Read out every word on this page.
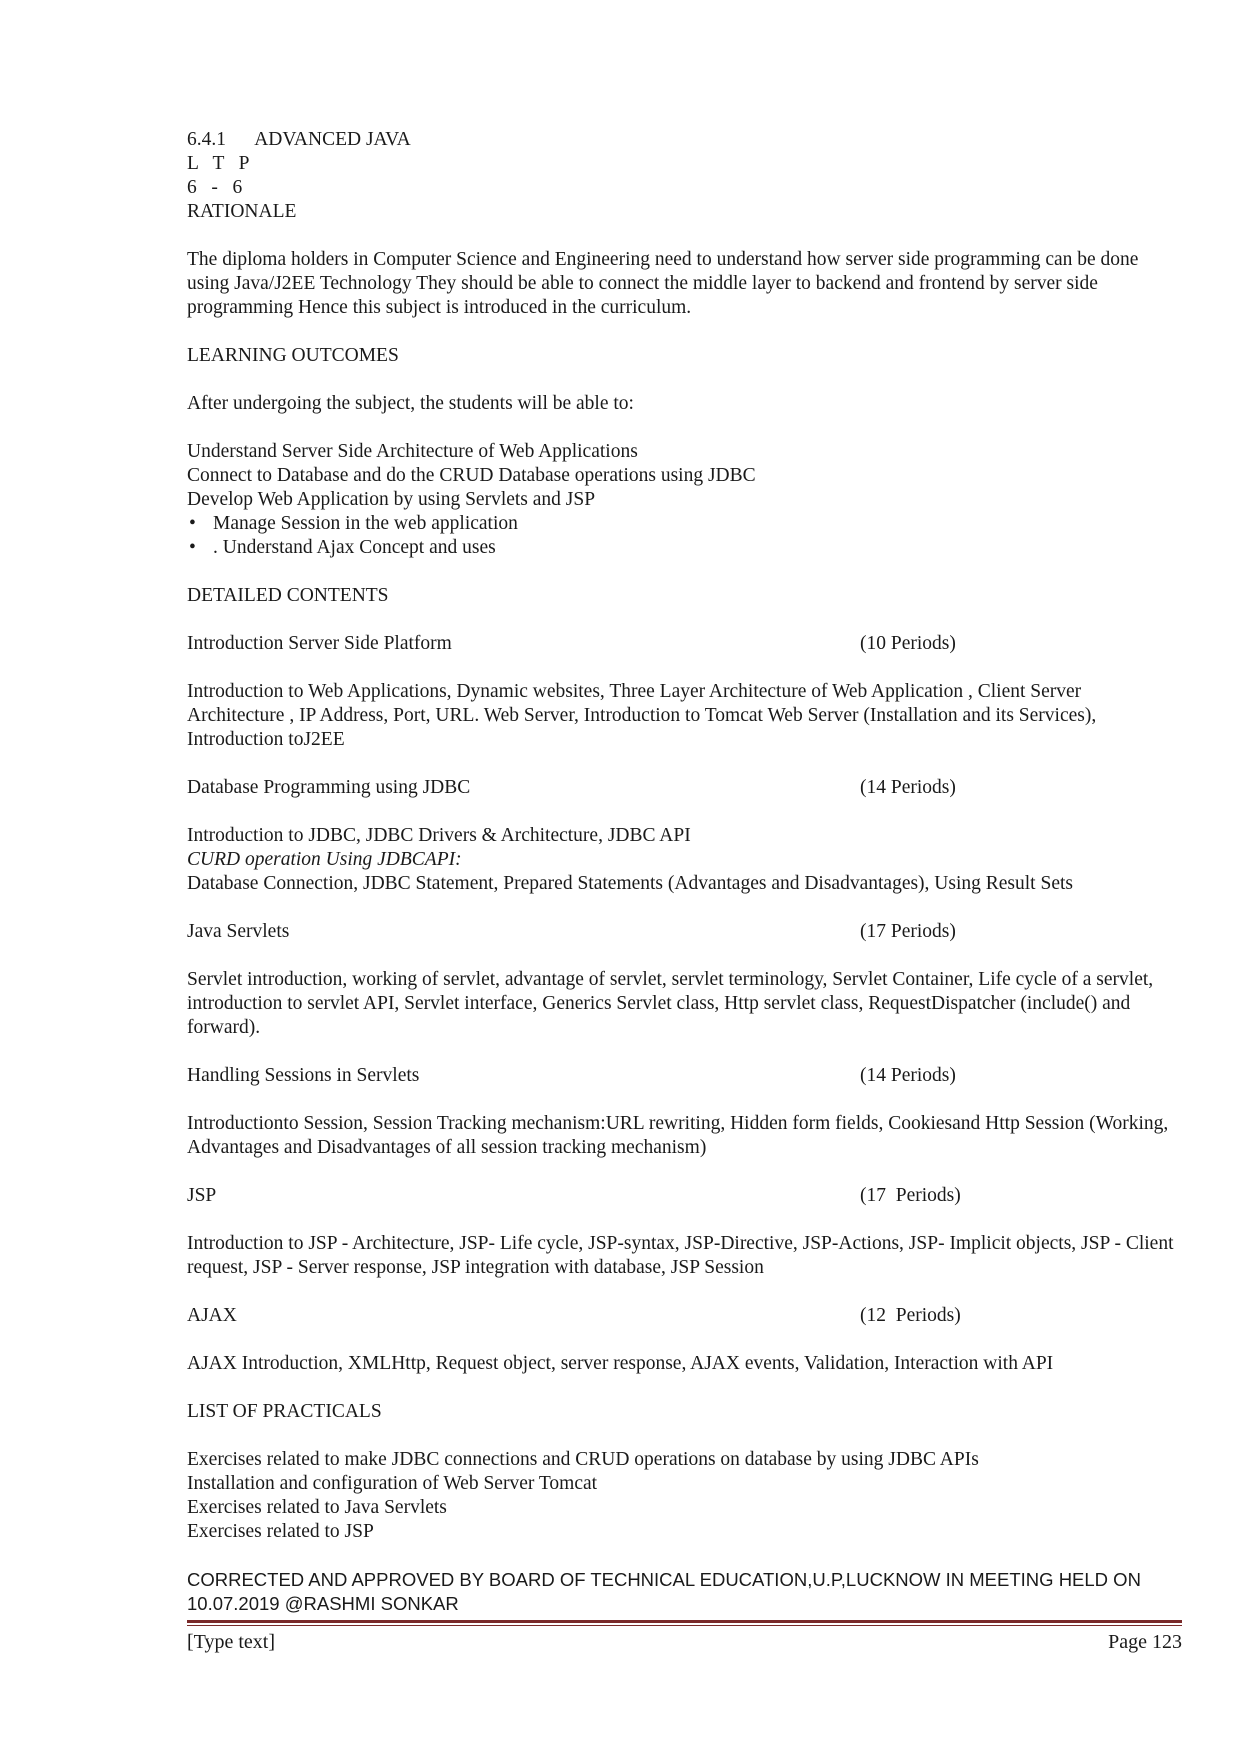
6.4.1 ADVANCED JAVA
L   T   P
6   -   6
RATIONALE
The diploma holders in Computer Science and Engineering need to understand how server side programming can be done using Java/J2EE Technology They should be able to connect the middle layer to backend and frontend by server side programming Hence this subject is introduced in the curriculum.
LEARNING OUTCOMES
After undergoing the subject, the students will be able to:
Understand Server Side Architecture of Web Applications
Connect to Database and do the CRUD Database operations using JDBC
Develop Web Application by using Servlets and JSP
• Manage Session in the web application
• . Understand Ajax Concept and uses
DETAILED CONTENTS
Introduction Server Side Platform	(10 Periods)
Introduction to Web Applications, Dynamic websites, Three Layer Architecture of Web Application , Client Server Architecture , IP Address, Port, URL. Web Server, Introduction to Tomcat Web Server (Installation and its Services), Introduction toJ2EE
Database Programming using JDBC	(14 Periods)
Introduction to JDBC, JDBC Drivers & Architecture, JDBC API
CURD operation Using JDBCAPI:
Database Connection, JDBC Statement, Prepared Statements (Advantages and Disadvantages), Using Result Sets
Java Servlets	(17 Periods)
Servlet introduction, working of servlet, advantage of servlet, servlet terminology, Servlet Container, Life cycle of a servlet, introduction to servlet API, Servlet interface, Generics Servlet class, Http servlet class, RequestDispatcher (include() and forward).
Handling Sessions in Servlets	(14 Periods)
Introductionto Session, Session Tracking mechanism:URL rewriting, Hidden form fields, Cookiesand Http Session (Working, Advantages and Disadvantages of all session tracking mechanism)
JSP	(17  Periods)
Introduction to JSP - Architecture, JSP- Life cycle, JSP-syntax, JSP-Directive, JSP-Actions, JSP- Implicit objects, JSP - Client request, JSP - Server response, JSP integration with database, JSP Session
AJAX	(12  Periods)
AJAX Introduction, XMLHttp, Request object, server response, AJAX events, Validation, Interaction with API
LIST OF PRACTICALS
Exercises related to make JDBC connections and CRUD operations on database by using JDBC APIs
Installation and configuration of Web Server Tomcat
Exercises related to Java Servlets
Exercises related to JSP
CORRECTED AND APPROVED BY BOARD OF TECHNICAL EDUCATION,U.P,LUCKNOW IN MEETING HELD ON 10.07.2019 @RASHMI SONKAR
[Type text]	Page 123
